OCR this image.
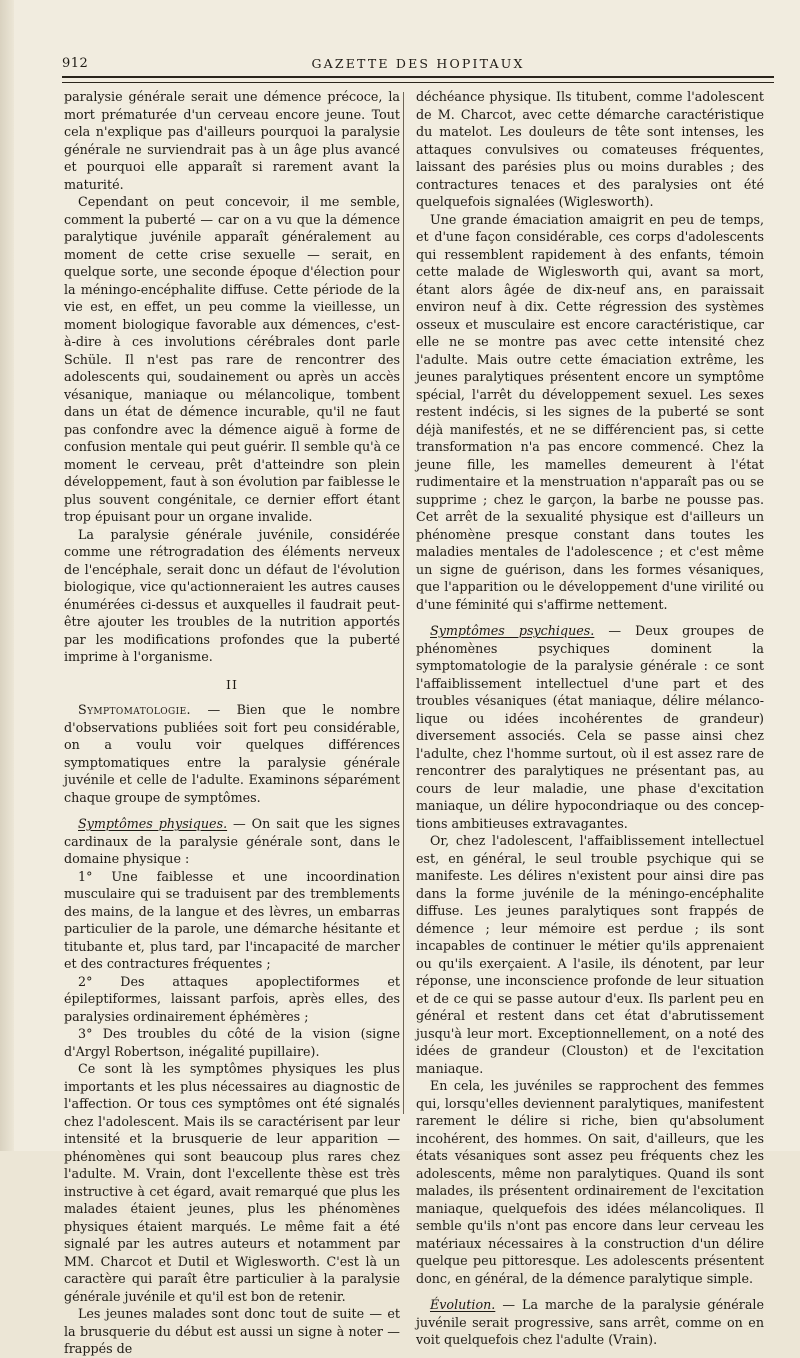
912	GAZETTE DES HOPITAUX

paralysie générale serait une démence précoce, la mort prématurée d'un cerveau encore jeune. Tout cela n'explique pas d'ailleurs pourquoi la paralysie générale ne surviendrait pas à un âge plus avancé et pourquoi elle apparaît si rarement avant la maturité.

Cependant on peut concevoir, il me semble, comment la puberté — car on a vu que la démence paralytique juvénile apparaît généralement au moment de cette crise sexuelle — serait, en quelque sorte, une seconde époque d'élection pour la méningo-encéphalite diffuse. Cette période de la vie est, en effet, un peu comme la vieillesse, un moment biologique favorable aux démences, c'est-à-dire à ces involutions cérébrales dont parle Schüle. Il n'est pas rare de rencontrer des adolescents qui, soudainement ou après un accès vésanique, maniaque ou mélancolique, tombent dans un état de démence incurable, qu'il ne faut pas confondre avec la démence aiguë à forme de confusion mentale qui peut guérir. Il semble qu'à ce moment le cerveau, prêt d'atteindre son plein développement, faut à son évolution par faiblesse le plus souvent congénitale, ce dernier effort étant trop épuisant pour un organe invalide.

La paralysie générale juvénile, considérée comme une rétrogradation des éléments nerveux de l'encéphale, serait donc un défaut de l'évolution biologique, vice qu'actionneraient les autres causes énumérées ci-dessus et auxquelles il faudrait peut-être ajouter les troubles de la nutrition apportés par les modifications profondes que la puberté imprime à l'organisme.

II

Symptomatologie. — Bien que le nombre d'observations publiées soit fort peu considérable, on a voulu voir quelques différences symptomatiques entre la paralysie générale juvénile et celle de l'adulte. Examinons séparément chaque groupe de symptômes.

Symptômes physiques. — On sait que les signes cardinaux de la paralysie générale sont, dans le domaine physique :

1° Une faiblesse et une incoordination musculaire qui se traduisent par des tremblements des mains, de la langue et des lèvres, un embarras particulier de la parole, une démarche hésitante et titubante et, plus tard, par l'incapacité de marcher et des contractures fréquentes ;

2° Des attaques apoplectiformes et épileptiformes, laissant parfois, après elles, des paralysies ordinairement éphémères ;

3° Des troubles du côté de la vision (signe d'Argyl Robertson, inégalité pupillaire).

Ce sont là les symptômes physiques les plus importants et les plus nécessaires au diagnostic de l'affection. Or tous ces symptômes ont été signalés chez l'adolescent. Mais ils se caractérisent par leur intensité et la brusquerie de leur apparition — phénomènes qui sont beaucoup plus rares chez l'adulte. M. Vrain, dont l'excellente thèse est très instructive à cet égard, avait remarqué que plus les malades étaient jeunes, plus les phénomènes physiques étaient marqués. Le même fait a été signalé par les autres auteurs et notamment par MM. Charcot et Dutil et Wiglesworth. C'est là un caractère qui paraît être particulier à la paralysie générale juvénile et qu'il est bon de retenir.

Les jeunes malades sont donc tout de suite — et la brusquerie du début est aussi un signe à noter — frappés de

déchéance physique. Ils titubent, comme l'adolescent de M. Charcot, avec cette démarche caractéristique du matelot. Les douleurs de tête sont intenses, les attaques convulsives ou comateuses fréquentes, laissant des parésies plus ou moins durables ; des contractures tenaces et des paralysies ont été quelquefois signalées (Wiglesworth).

Une grande émaciation amaigrit en peu de temps, et d'une façon considérable, ces corps d'adolescents qui ressemblent rapidement à des enfants, témoin cette malade de Wiglesworth qui, avant sa mort, étant alors âgée de dix-neuf ans, en paraissait environ neuf à dix. Cette régression des systèmes osseux et musculaire est encore caractéristique, car elle ne se montre pas avec cette intensité chez l'adulte. Mais outre cette émaciation extrême, les jeunes paralytiques présentent encore un symptôme spécial, l'arrêt du développement sexuel. Les sexes restent indécis, si les signes de la puberté se sont déjà manifestés, et ne se différencient pas, si cette transformation n'a pas encore commencé. Chez la jeune fille, les mamelles demeurent à l'état rudimentaire et la menstruation n'apparaît pas ou se supprime ; chez le garçon, la barbe ne pousse pas. Cet arrêt de la sexualité physique est d'ailleurs un phénomène presque constant dans toutes les maladies mentales de l'adolescence ; et c'est même un signe de guérison, dans les formes vésaniques, que l'apparition ou le développement d'une virilité ou d'une féminité qui s'affirme nettement.

Symptômes psychiques. — Deux groupes de phénomènes psychiques dominent la symptomatologie de la paralysie générale : ce sont l'affaiblissement intellectuel d'une part et des troubles vésaniques (état maniaque, délire mélancolique ou idées incohérentes de grandeur) diversement associés. Cela se passe ainsi chez l'adulte, chez l'homme surtout, où il est assez rare de rencontrer des paralytiques ne présentant pas, au cours de leur maladie, une phase d'excitation maniaque, un délire hypocondriaque ou des conceptions ambitieuses extravagantes.

Or, chez l'adolescent, l'affaiblissement intellectuel est, en général, le seul trouble psychique qui se manifeste. Les délires n'existent pour ainsi dire pas dans la forme juvénile de la méningo-encéphalite diffuse. Les jeunes paralytiques sont frappés de démence ; leur mémoire est perdue ; ils sont incapables de continuer le métier qu'ils apprenaient ou qu'ils exerçaient. A l'asile, ils dénotent, par leur réponse, une inconscience profonde de leur situation et de ce qui se passe autour d'eux. Ils parlent peu en général et restent dans cet état d'abrutissement jusqu'à leur mort. Exceptionnellement, on a noté des idées de grandeur (Clouston) et de l'excitation maniaque.

En cela, les juvéniles se rapprochent des femmes qui, lorsqu'elles deviennent paralytiques, manifestent rarement le délire si riche, bien qu'absolument incohérent, des hommes. On sait, d'ailleurs, que les états vésaniques sont assez peu fréquents chez les adolescents, même non paralytiques. Quand ils sont malades, ils présentent ordinairement de l'excitation maniaque, quelquefois des idées mélancoliques. Il semble qu'ils n'ont pas encore dans leur cerveau les matériaux nécessaires à la construction d'un délire quelque peu pittoresque. Les adolescents présentent donc, en général, de la démence paralytique simple.

Évolution. — La marche de la paralysie générale juvénile serait progressive, sans arrêt, comme on en voit quelquefois chez l'adulte (Vrain).
